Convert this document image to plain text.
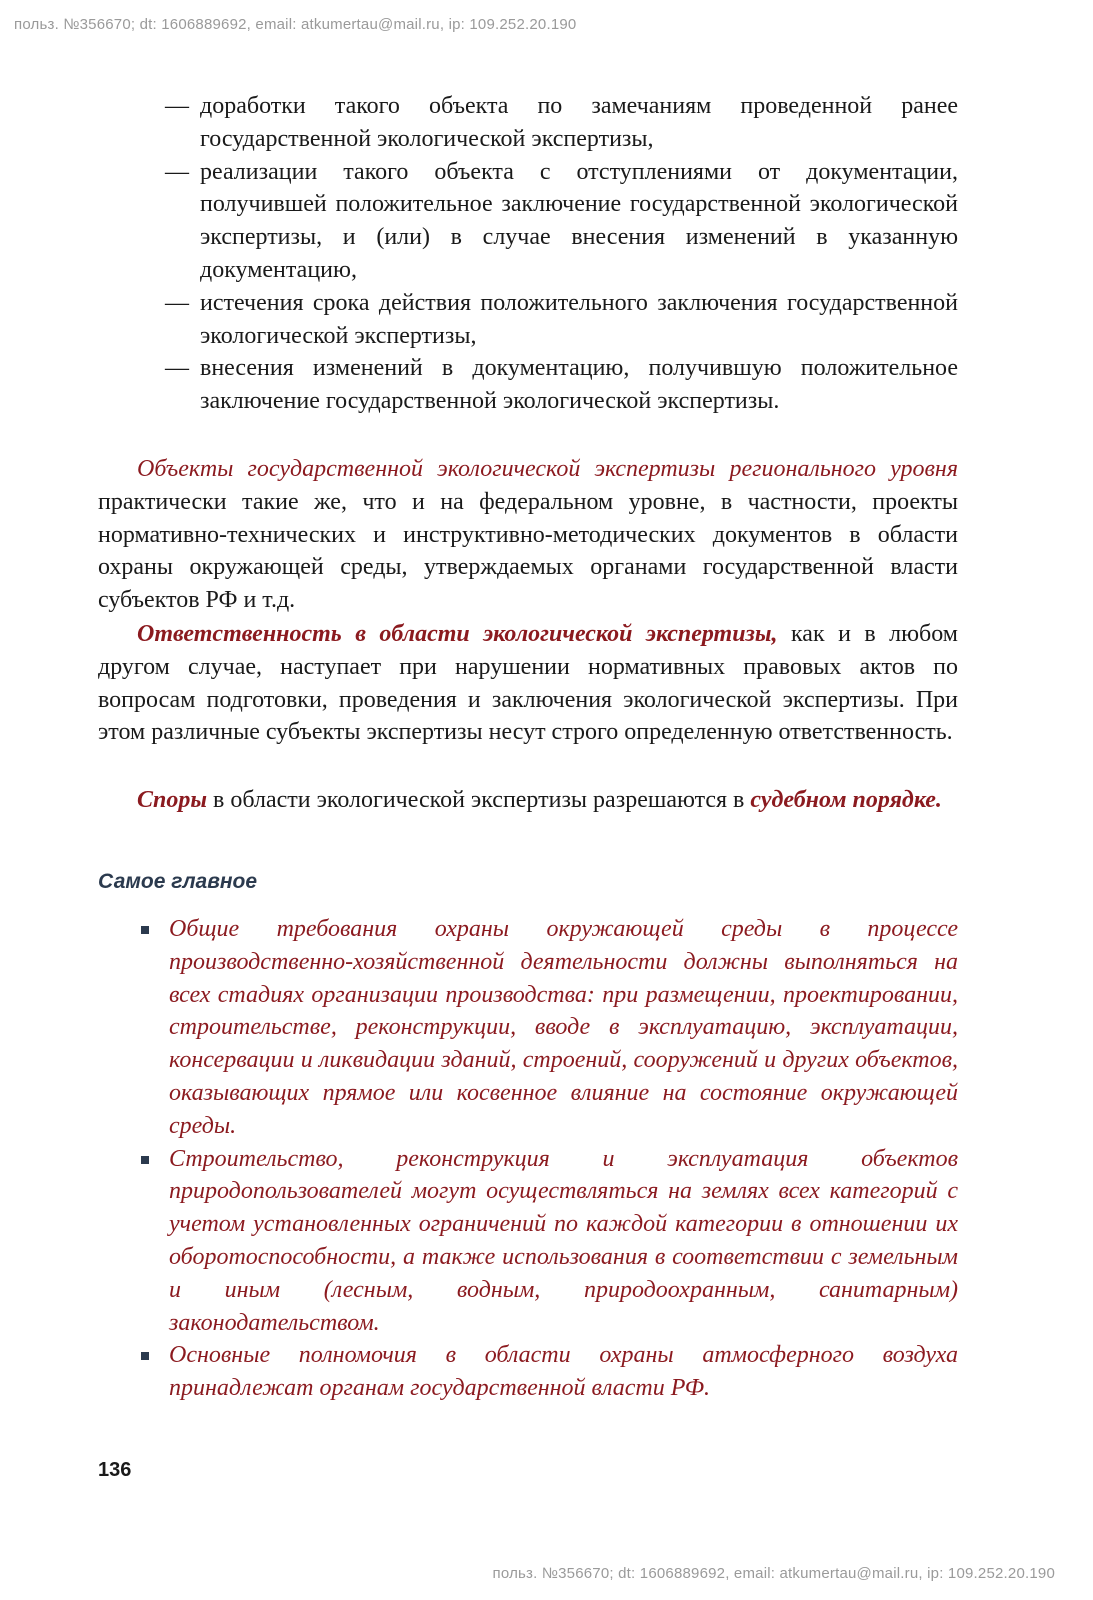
польз. №356670; dt: 1606889692, email: atkumertau@mail.ru, ip: 109.252.20.190
— доработки такого объекта по замечаниям проведенной ранее государственной экологической экспертизы,
— реализации такого объекта с отступлениями от документации, получившей положительное заключение государственной экологической экспертизы, и (или) в случае внесения изменений в указанную документацию,
— истечения срока действия положительного заключения государственной экологической экспертизы,
— внесения изменений в документацию, получившую положительное заключение государственной экологической экспертизы.

Объекты государственной экологической экспертизы регионального уровня практически такие же, что и на федеральном уровне, в частности, проекты нормативно-технических и инструктивно-методических документов в области охраны окружающей среды, утверждаемых органами государственной власти субъектов РФ и т.д.

Ответственность в области экологической экспертизы, как и в любом другом случае, наступает при нарушении нормативных правовых актов по вопросам подготовки, проведения и заключения экологической экспертизы. При этом различные субъекты экспертизы несут строго определенную ответственность.

Споры в области экологической экспертизы разрешаются в судебном порядке.

Самое главное
Общие требования охраны окружающей среды в процессе производственно-хозяйственной деятельности должны выполняться на всех стадиях организации производства: при размещении, проектировании, строительстве, реконструкции, вводе в эксплуатацию, эксплуатации, консервации и ликвидации зданий, строений, сооружений и других объектов, оказывающих прямое или косвенное влияние на состояние окружающей среды.
Строительство, реконструкция и эксплуатация объектов природопользователей могут осуществляться на землях всех категорий с учетом установленных ограничений по каждой категории в отношении их оборотоспособности, а также использования в соответствии с земельным и иным (лесным, водным, природоохранным, санитарным) законодательством.
Основные полномочия в области охраны атмосферного воздуха принадлежат органам государственной власти РФ.
136
польз. №356670; dt: 1606889692, email: atkumertau@mail.ru, ip: 109.252.20.190
